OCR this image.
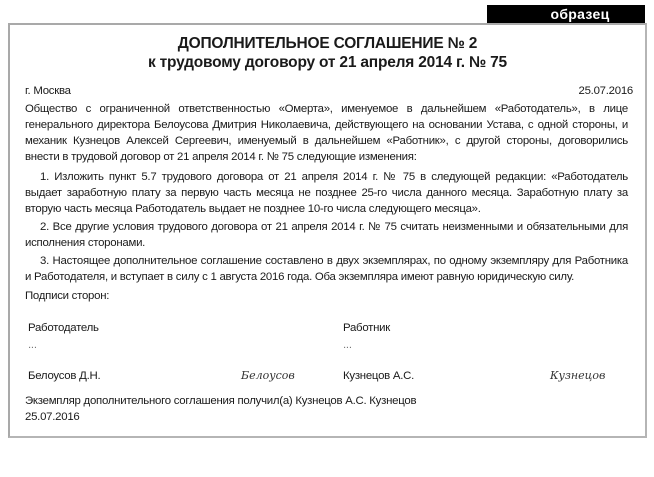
образец
ДОПОЛНИТЕЛЬНОЕ СОГЛАШЕНИЕ № 2
к трудовому договору от 21 апреля 2014 г. № 75
г. Москва	25.07.2016
Общество с ограниченной ответственностью «Омерта», именуемое в дальнейшем «Работодатель», в лице генерального директора Белоусова Дмитрия Николаевича, действующего на основании Устава, с одной стороны, и механик Кузнецов Алексей Сергеевич, именуемый в дальнейшем «Работник», с другой стороны, договорились внести в трудовой договор от 21 апреля 2014 г. № 75 следующие изменения:
1. Изложить пункт 5.7 трудового договора от 21 апреля 2014 г. № 75 в следующей редакции: «Работодатель выдает заработную плату за первую часть месяца не позднее 25-го числа данного месяца. Заработную плату за вторую часть месяца Работодатель выдает не позднее 10-го числа следующего месяца».
2. Все другие условия трудового договора от 21 апреля 2014 г. № 75 считать неизменными и обязательными для исполнения сторонами.
3. Настоящее дополнительное соглашение составлено в двух экземплярах, по одному экземпляру для Работника и Работодателя, и вступает в силу с 1 августа 2016 года. Оба экземпляра имеют равную юридическую силу.
Подписи сторон:
Работодатель
...
Белоусов Д.Н.	Белоусов
Работник
...
Кузнецов А.С.	Кузнецов
Экземпляр дополнительного соглашения получил(а) Кузнецов А.С. Кузнецов
25.07.2016
